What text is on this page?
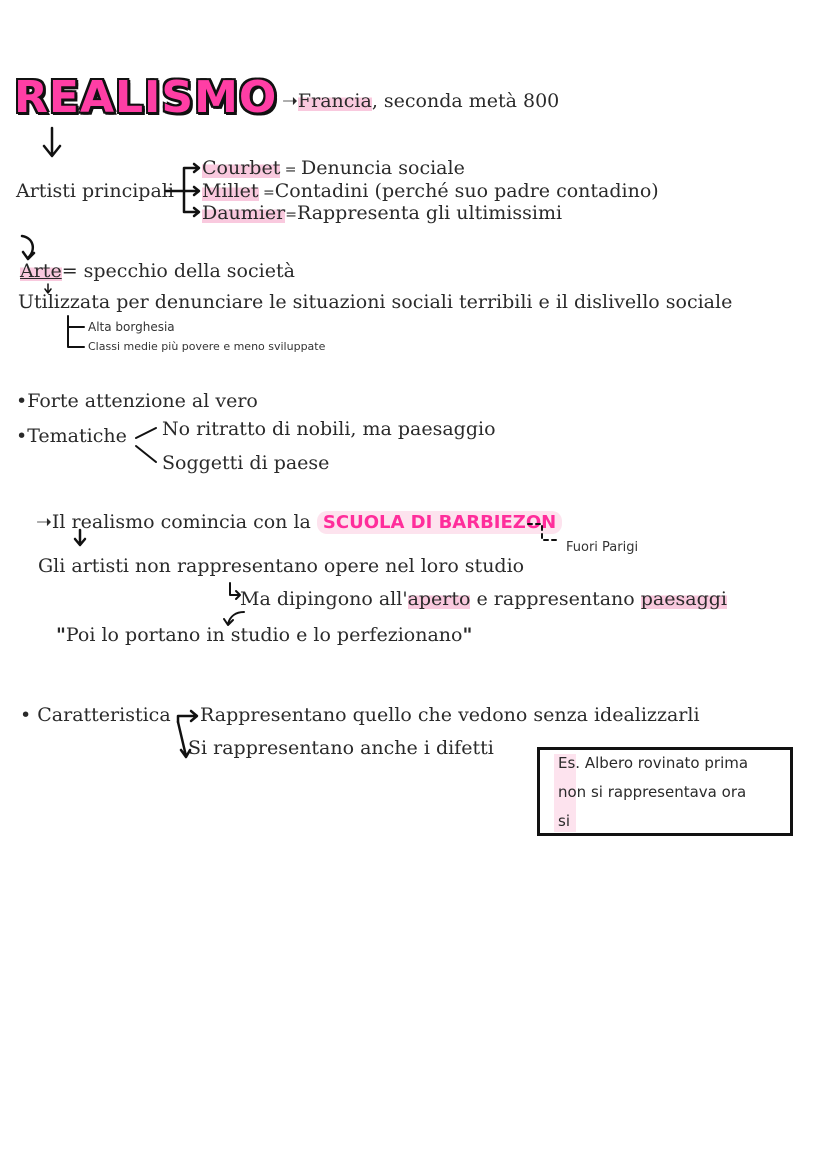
REALISMO ➝Francia, seconda metà 800
Artisti principali
Courbet = Denuncia sociale
Millet =Contadini (perché suo padre contadino)
Daumier=Rappresenta gli ultimissimi
Arte= specchio della società
Utilizzata per denunciare le situazioni sociali terribili e il dislivello sociale
Alta borghesia
Classi medie più povere e meno sviluppate
•Forte attenzione al vero
•Tematiche No ritratto di nobili, ma paesaggio
Soggetti di paese
➝Il realismo comincia con la SCUOLA DI BARBIEZON
Fuori Parigi
Gli artisti non rappresentano opere nel loro studio
Ma dipingono all'aperto e rappresentano paesaggi
"Poi lo portano in studio e lo perfezionano"
• Caratteristica Rappresentano quello che vedono senza idealizzarli
Si rappresentano anche i difetti
Es. Albero rovinato prima
non si rappresentava ora
si
